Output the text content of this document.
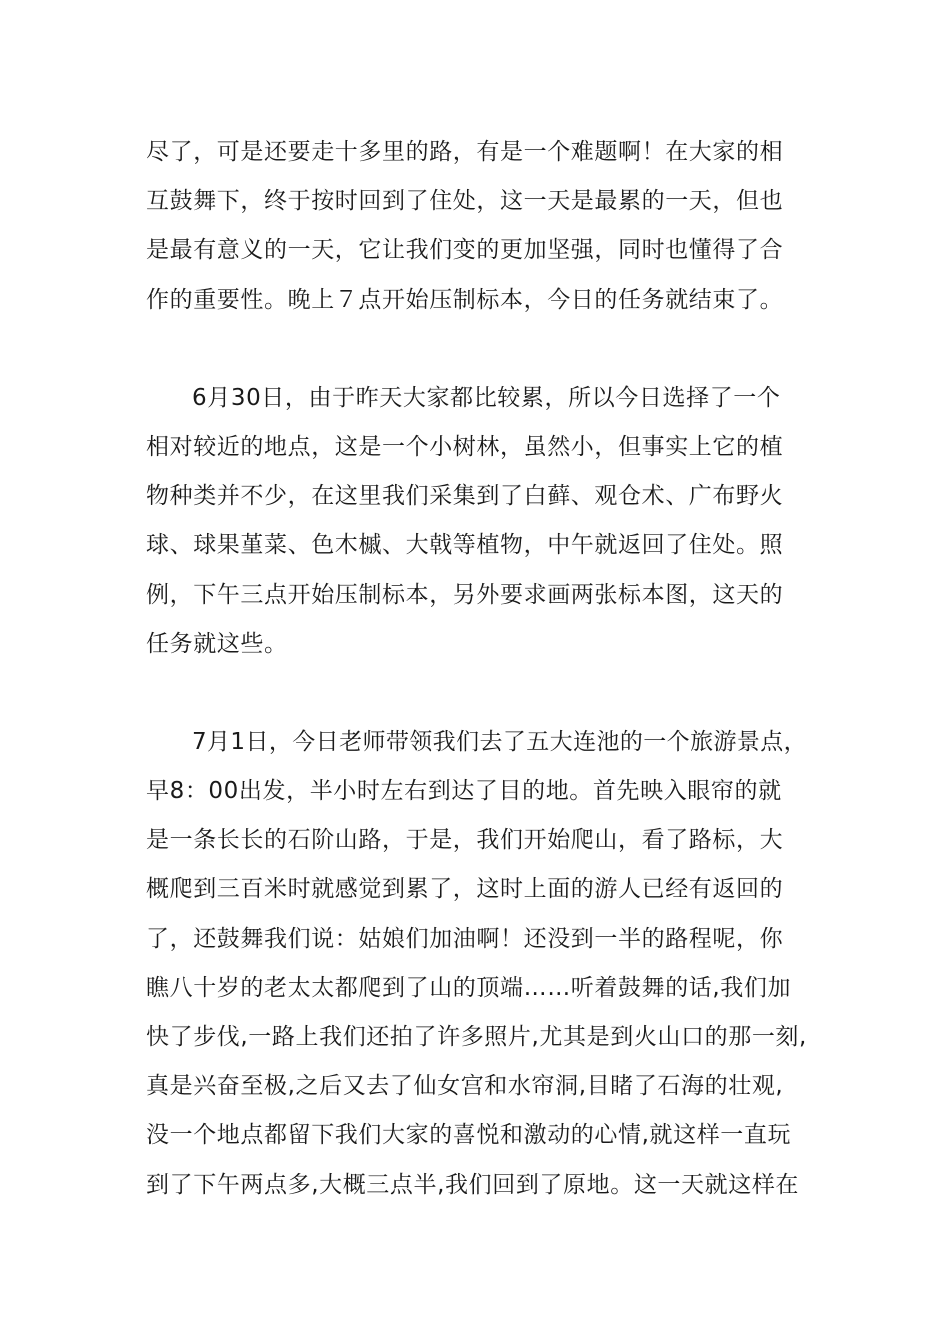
尽了，可是还要走十多里的路，有是一个难题啊！在大家的相
互鼓舞下，终于按时回到了住处，这一天是最累的一天，但也
是最有意义的一天，它让我们变的更加坚强，同时也懂得了合
作的重要性。晚上７点开始压制标本，今日的任务就结束了。
6月30日，由于昨天大家都比较累，所以今日选择了一个
相对较近的地点，这是一个小树林，虽然小，但事实上它的植
物种类并不少，在这里我们采集到了白藓、观仓术、广布野火
球、球果堇菜、色木槭、大戟等植物，中午就返回了住处。照
例，下午三点开始压制标本，另外要求画两张标本图，这天的
任务就这些。
7月1日，今日老师带领我们去了五大连池的一个旅游景点，
早8：00出发，半小时左右到达了目的地。首先映入眼帘的就
是一条长长的石阶山路，于是，我们开始爬山，看了路标，大
概爬到三百米时就感觉到累了，这时上面的游人已经有返回的
了，还鼓舞我们说：姑娘们加油啊！还没到一半的路程呢，你
瞧八十岁的老太太都爬到了山的顶端……听着鼓舞的话,我们加
快了步伐,一路上我们还拍了许多照片,尤其是到火山口的那一刻,
真是兴奋至极,之后又去了仙女宫和水帘洞,目睹了石海的壮观,
没一个地点都留下我们大家的喜悦和激动的心情,就这样一直玩
到了下午两点多,大概三点半,我们回到了原地。这一天就这样在
